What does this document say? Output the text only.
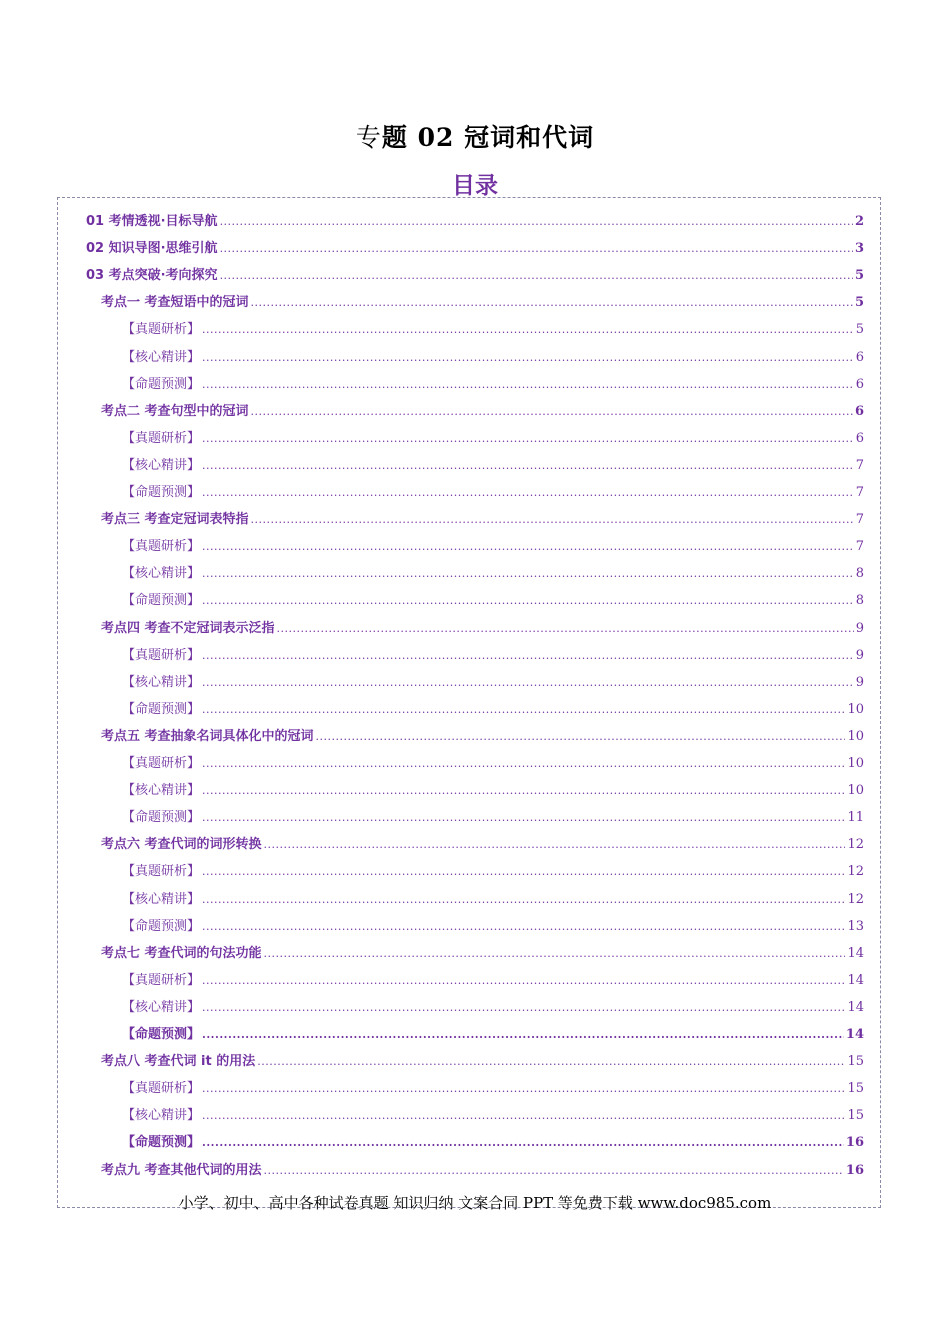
专题 02 冠词和代词
目录
01 考情透视·目标导航 .....	2
02 知识导图·思维引航 .....	3
03 考点突破·考向探究 .....	5
考点一 考查短语中的冠词 .....	5
【真题研析】 .....	5
【核心精讲】 .....	6
【命题预测】 .....	6
考点二 考查句型中的冠词 .....	6
【真题研析】 .....	6
【核心精讲】 .....	7
【命题预测】 .....	7
考点三 考查定冠词表特指 .....	7
【真题研析】 .....	7
【核心精讲】 .....	8
【命题预测】 .....	8
考点四 考查不定冠词表示泛指 .....	9
【真题研析】 .....	9
【核心精讲】 .....	9
【命题预测】 .....	10
考点五 考查抽象名词具体化中的冠词 .....	10
【真题研析】 .....	10
【核心精讲】 .....	10
【命题预测】 .....	11
考点六 考查代词的词形转换 .....	12
【真题研析】 .....	12
【核心精讲】 .....	12
【命题预测】 .....	13
考点七 考查代词的句法功能 .....	14
【真题研析】 .....	14
【核心精讲】 .....	14
【命题预测】 .....	14
考点八 考查代词 it 的用法 .....	15
【真题研析】 .....	15
【核心精讲】 .....	15
【命题预测】 .....	16
考点九 考查其他代词的用法 .....	16
小学、初中、高中各种试卷真题 知识归纳 文案合同 PPT 等免费下载 www.doc985.com
